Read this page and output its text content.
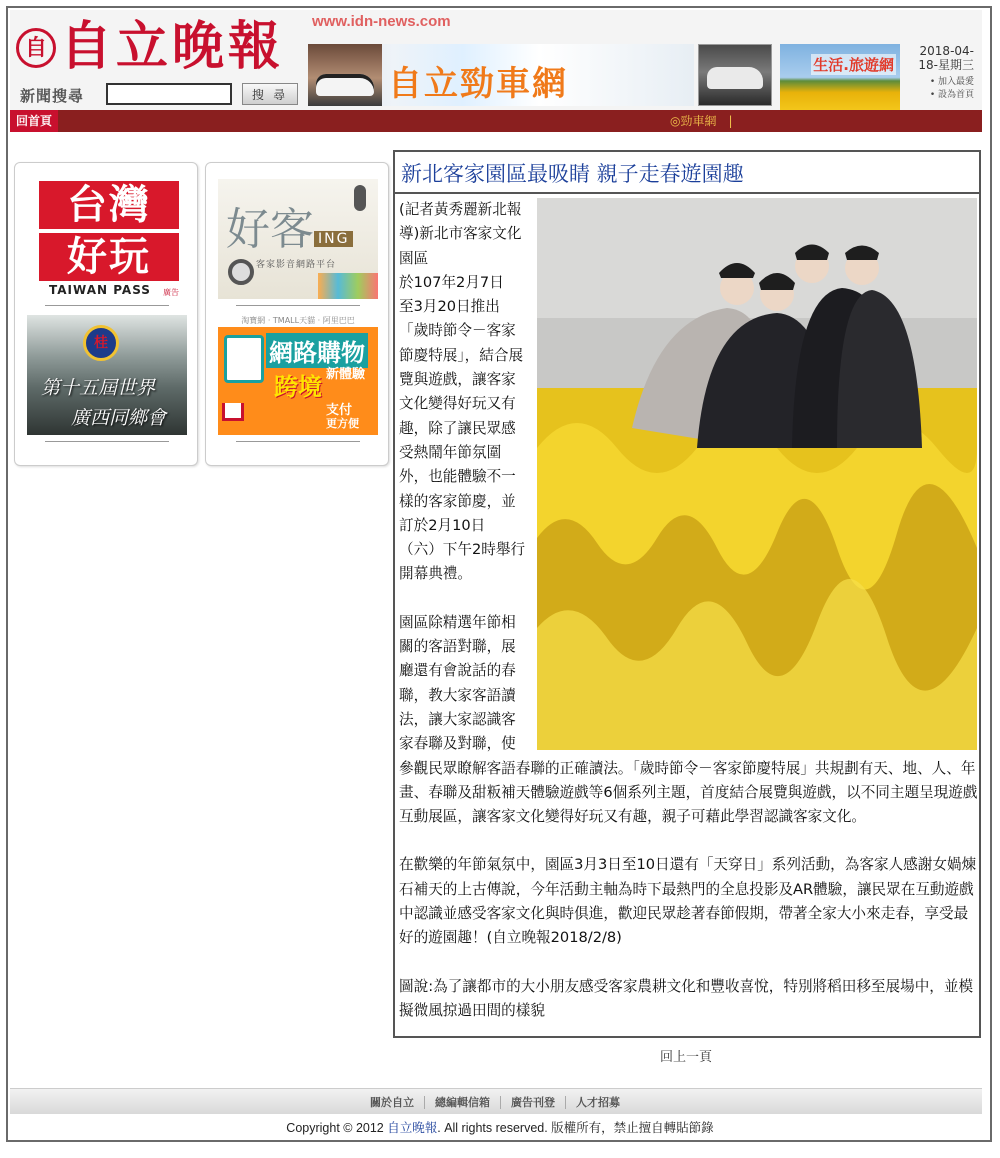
自 自立晚報 www.idn-news.com
新聞搜尋	搜 尋	自立勁車網	生活.旅遊網
2018-04-
18-星期三
• 加入最愛
• 設為首頁
回首頁	◎勁車網　|
台灣
好玩
TAIWAN PASS 廣告
桂
第十五屆世界
廣西同鄉會
好客 ING
客家影音網路平台
淘寶網 · TMALL天貓 · 阿里巴巴
網路購物
跨境 新體驗
支付
更方便
新北客家園區最吸睛 親子走春遊園趣

(記者黃秀麗新北報導)新北市客家文化園區
於107年2月7日
至3月20日推出
「歲時節令－客家節慶特展」，結合展覽與遊戲，讓客家文化變得好玩又有趣，除了讓民眾感受熱鬧年節氛圍外，也能體驗不一樣的客家節慶，並訂於2月10日
（六）下午2時舉行開幕典禮。

園區除精選年節相關的客語對聯，展廳還有會說話的春聯，教大家客語讀法，讓大家認識客家春聯及對聯，使參觀民眾瞭解客語春聯的正確讀法。「歲時節令－客家節慶特展」共規劃有天、地、人、年畫、春聯及甜粄補天體驗遊戲等6個系列主題，首度結合展覽與遊戲，以不同主題呈現遊戲互動展區，讓客家文化變得好玩又有趣，親子可藉此學習認識客家文化。

在歡樂的年節氣氛中，園區3月3日至10日還有「天穿日」系列活動，為客家人感謝女媧煉石補天的上古傳說，今年活動主軸為時下最熱門的全息投影及AR體驗，讓民眾在互動遊戲中認識並感受客家文化與時俱進，歡迎民眾趁著春節假期，帶著全家大小來走春，享受最好的遊園趣！(自立晚報2018/2/8)

圖說:為了讓都市的大小朋友感受客家農耕文化和豐收喜悅，特別將稻田移至展場中，並模擬微風掠過田間的樣貌

回上一頁
關於自立 總編輯信箱 廣告刊登 人才招募
Copyright © 2012 自立晚報. All rights reserved. 版權所有，禁止擅自轉貼節錄
